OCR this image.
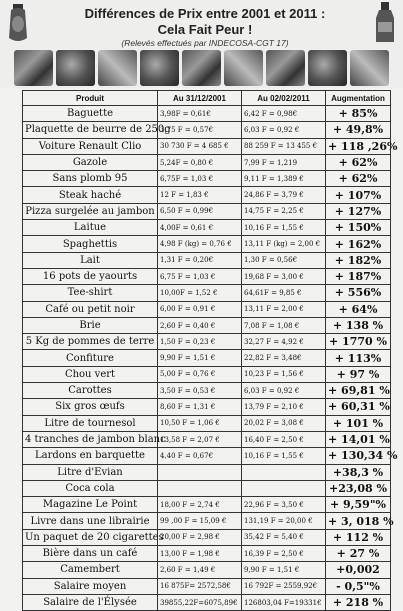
Différences de Prix entre 2001 et 2011 :
Cela Fait Peur !
(Relevés effectués par INDECOSA-CGT 17)
Produit	Au 31/12/2001	Au 02/02/2011	Augmentation
Baguette	3,98F = 0,61€	6,42 F = 0,98€	+ 85%
Plaquette de beurre de 250g	3,75 F = 0,57€	6,03 F = 0,92 €	+ 49,8%
Voiture Renault Clio	30 730 F = 4 685 €	88 259 F = 13 455 €	+ 118 ,26%
Gazole	5,24F = 0,80 €	7,99 F = 1,219	+ 62%
Sans plomb 95	6,75F = 1,03 €	9,11 F = 1,389 €	+ 62%
Steak haché	12 F = 1,83 €	24,86 F = 3,79 €	+ 107%
Pizza surgelée au jambon	6,50 F = 0,99€	14,75 F = 2,25 €	+ 127%
Laitue	4,00F = 0,61 €	10,16 F = 1,55 €	+ 150%
Spaghettis	4,98 F (kg) = 0,76 €	13,11 F (kg) = 2,00 €	+ 162%
Lait	1,31 F = 0,20€	1,30 F = 0,56€	+ 182%
16 pots de yaourts	6,75 F = 1,03 €	19,68 F = 3,00 €	+ 187%
Tee-shirt	10,00F = 1,52 €	64,61F = 9,85 €	+ 556%
Café ou petit noir	6,00 F = 0,91 €	13,11 F = 2,00 €	+ 64%
Brie	2,60 F = 0,40 €	7,08 F = 1,08 €	+ 138 %
5 Kg de pommes de terre	1,50 F = 0,23 €	32,27 F = 4,92 €	+ 1770 %
Confiture	9,90 F = 1,51 €	22,82 F = 3,48€	+ 113%
Chou vert	5,00 F = 0,76 €	10,23 F = 1,56 €	+ 97 %
Carottes	3,50 F = 0,53 €	6,03 F = 0,92 €	+ 69,81 %
Six gros œufs	8,60 F = 1,31 €	13,79 F = 2,10 €	+ 60,31 %
Litre de tournesol	10,50 F = 1,06 €	20,02 F = 3,08 €	+ 101 %
4 tranches de jambon blanc	13,58 F = 2,07 €	16,40 F = 2,50 €	+ 14,01 %
Lardons en barquette	4,40 F = 0,67€	10,16 F = 1,55 €	+ 130,34 %
Litre d'Evian			+38,3 %
Coca cola			+23,08 %
Magazine Le Point	18,00 F = 2,74 €	22,96 F = 3,50 €	+ 9,59"%
Livre dans une librairie	99 ,00 F = 15,09 €	131,19 F = 20,00 €	+ 3, 018 %
Un paquet de 20 cigarettes	20,00 F = 2,98 €	35,42 F = 5,40 €	+ 112 %
Bière dans un café	13,00 F = 1,98 €	16,39 F = 2,50 €	+ 27 %
Camembert	2,60 F = 1,49 €	9,90 F = 1,51 €	+0,002
Salaire moyen	16 875F= 2572,58€	16 792F = 2559,92€	- 0,5"%
Salaire de l'Élysée	39855,22F=6075,89€	126803,04 F=19331€	+ 218 %
